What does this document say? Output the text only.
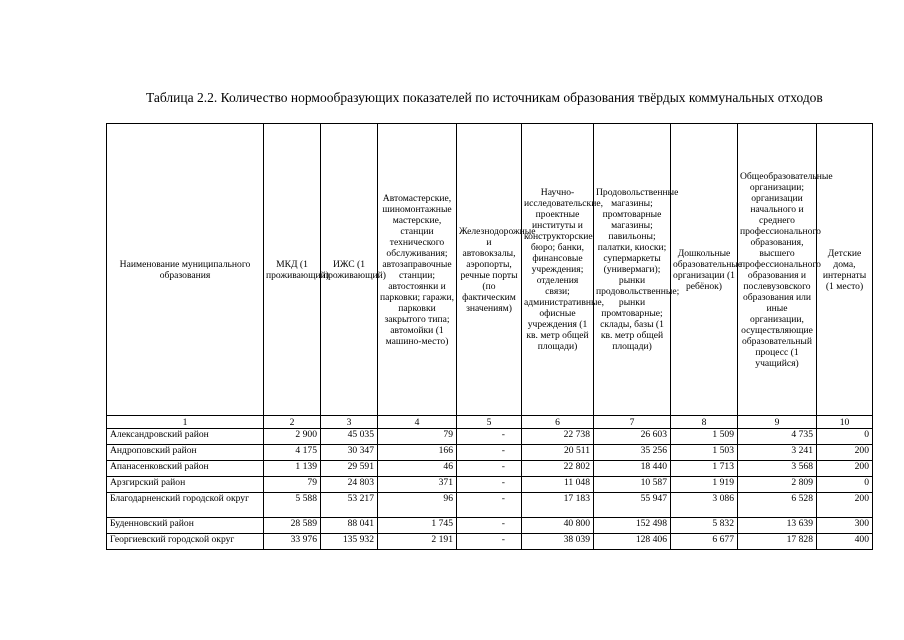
Таблица 2.2. Количество нормообразующих показателей по источникам образования твёрдых коммунальных отходов
Наименование муниципального образования	МКД (1 проживающий)	ИЖС (1 проживающий)	Автомастерские, шиномонтажные мастерские, станции технического обслуживания; автозаправочные станции; автостоянки и парковки; гаражи, парковки закрытого типа; автомойки (1 машино-место)	Железнодорожные и автовокзалы, аэропорты, речные порты (по фактическим значениям)	Научно-исследовательские, проектные институты и конструкторские бюро; банки, финансовые учреждения; отделения связи; административные, офисные учреждения (1 кв. метр общей площади)	Продовольственные магазины; промтоварные магазины; павильоны; палатки, киоски; супермаркеты (универмаги); рынки продовольственные; рынки промтоварные; склады, базы (1 кв. метр общей площади)	Дошкольные образовательные организации (1 ребёнок)	Общеобразовательные организации; организации начального и среднего профессионального образования, высшего профессионального образования и послевузовского образования или иные организации, осуществляющие образовательный процесс (1 учащийся)	Детские дома, интернаты (1 место)
1	2	3	4	5	6	7	8	9	10
Александровский район	2 900	45 035	79	-	22 738	26 603	1 509	4 735	0
Андроповский район	4 175	30 347	166	-	20 511	35 256	1 503	3 241	200
Апанасенковский район	1 139	29 591	46	-	22 802	18 440	1 713	3 568	200
Арзгирский район	79	24 803	371	-	11 048	10 587	1 919	2 809	0
Благодарненский городской округ	5 588	53 217	96	-	17 183	55 947	3 086	6 528	200
Буденновский район	28 589	88 041	1 745	-	40 800	152 498	5 832	13 639	300
Георгиевский городской округ	33 976	135 932	2 191	-	38 039	128 406	6 677	17 828	400
